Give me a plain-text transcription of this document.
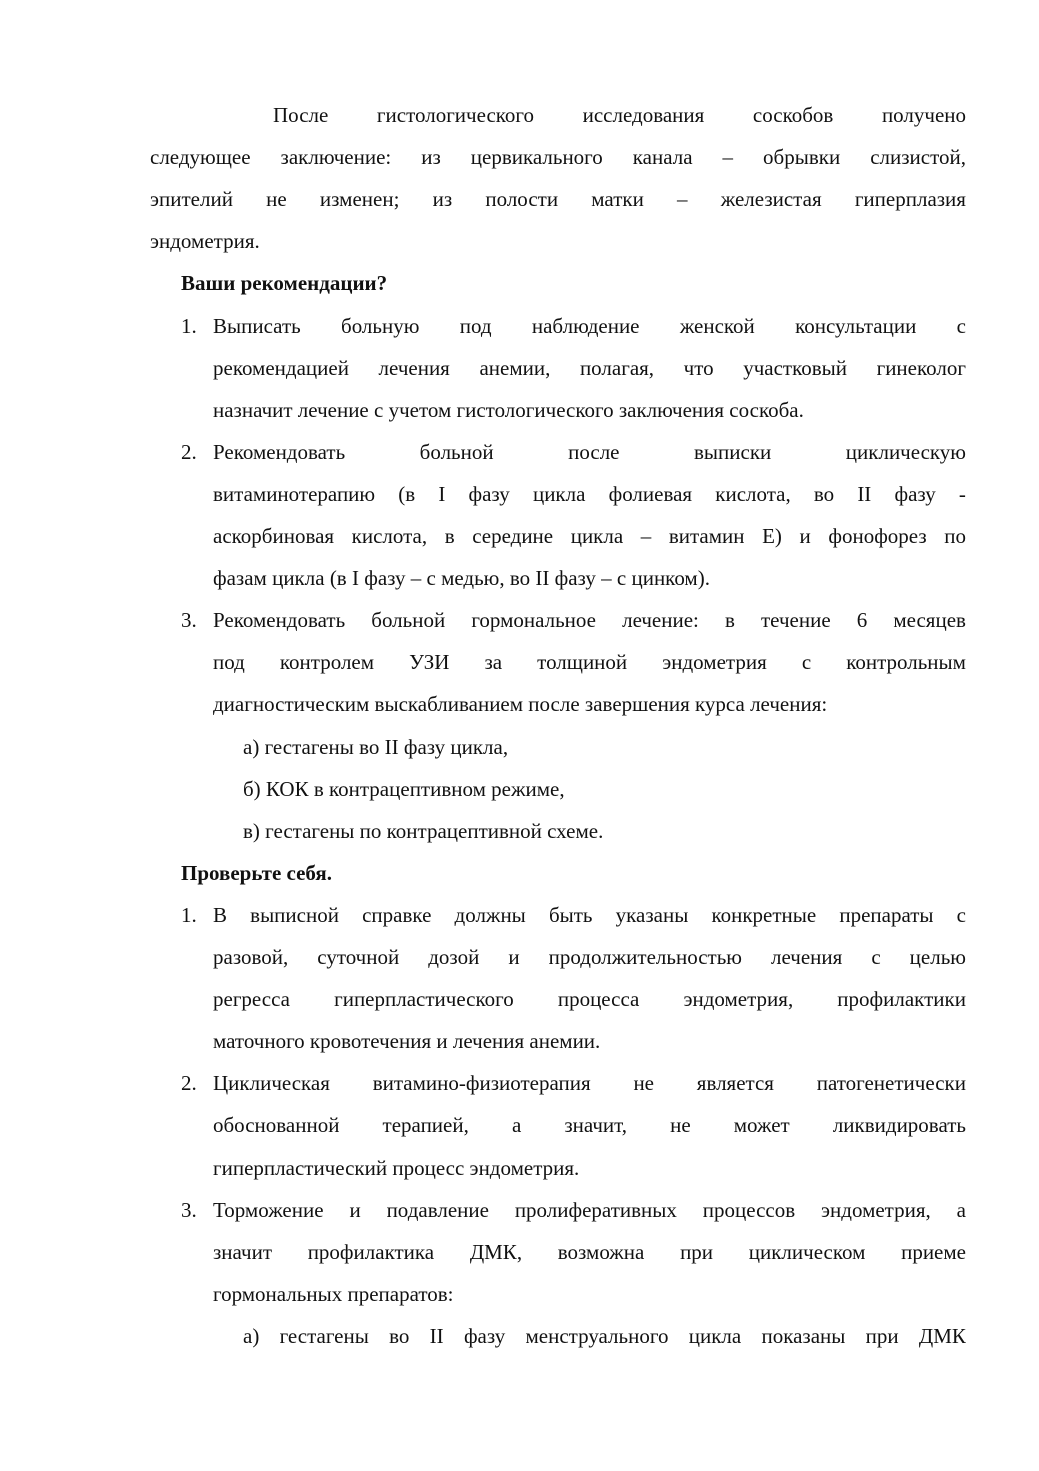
После гистологического исследования соскобов получено
следующее заключение: из цервикального канала – обрывки слизистой,
эпителий не изменен; из полости матки – железистая гиперплазия
эндометрия.
Ваши рекомендации?
1. Выписать больную под наблюдение женской консультации с
рекомендацией лечения анемии, полагая, что участковый гинеколог
назначит лечение с учетом гистологического заключения соскоба.
2. Рекомендовать	больной	после	выписки	циклическую
витаминотерапию (в I фазу цикла фолиевая кислота, во II фазу -
аскорбиновая кислота, в середине цикла – витамин Е) и фонофорез по
фазам цикла (в I фазу – с медью, во II фазу – с цинком).
3. Рекомендовать больной гормональное лечение: в течение 6 месяцев
под контролем УЗИ за толщиной эндометрия с контрольным
диагностическим выскабливанием после завершения курса лечения:
а) гестагены во II фазу цикла,
б) КОК в контрацептивном режиме,
в) гестагены по контрацептивной схеме.
Проверьте себя.
1. В выписной справке должны быть указаны конкретные препараты с
разовой, суточной дозой и продолжительностью лечения с целью
регресса гиперпластического процесса эндометрия, профилактики
маточного кровотечения и лечения анемии.
2. Циклическая витамино-физиотерапия не является патогенетически
обоснованной терапией, а значит, не может ликвидировать
гиперпластический процесс эндометрия.
3. Торможение и подавление пролиферативных процессов эндометрия, а
значит профилактика ДМК, возможна при циклическом приеме
гормональных препаратов:
а) гестагены во II фазу менструального цикла показаны при ДМК
